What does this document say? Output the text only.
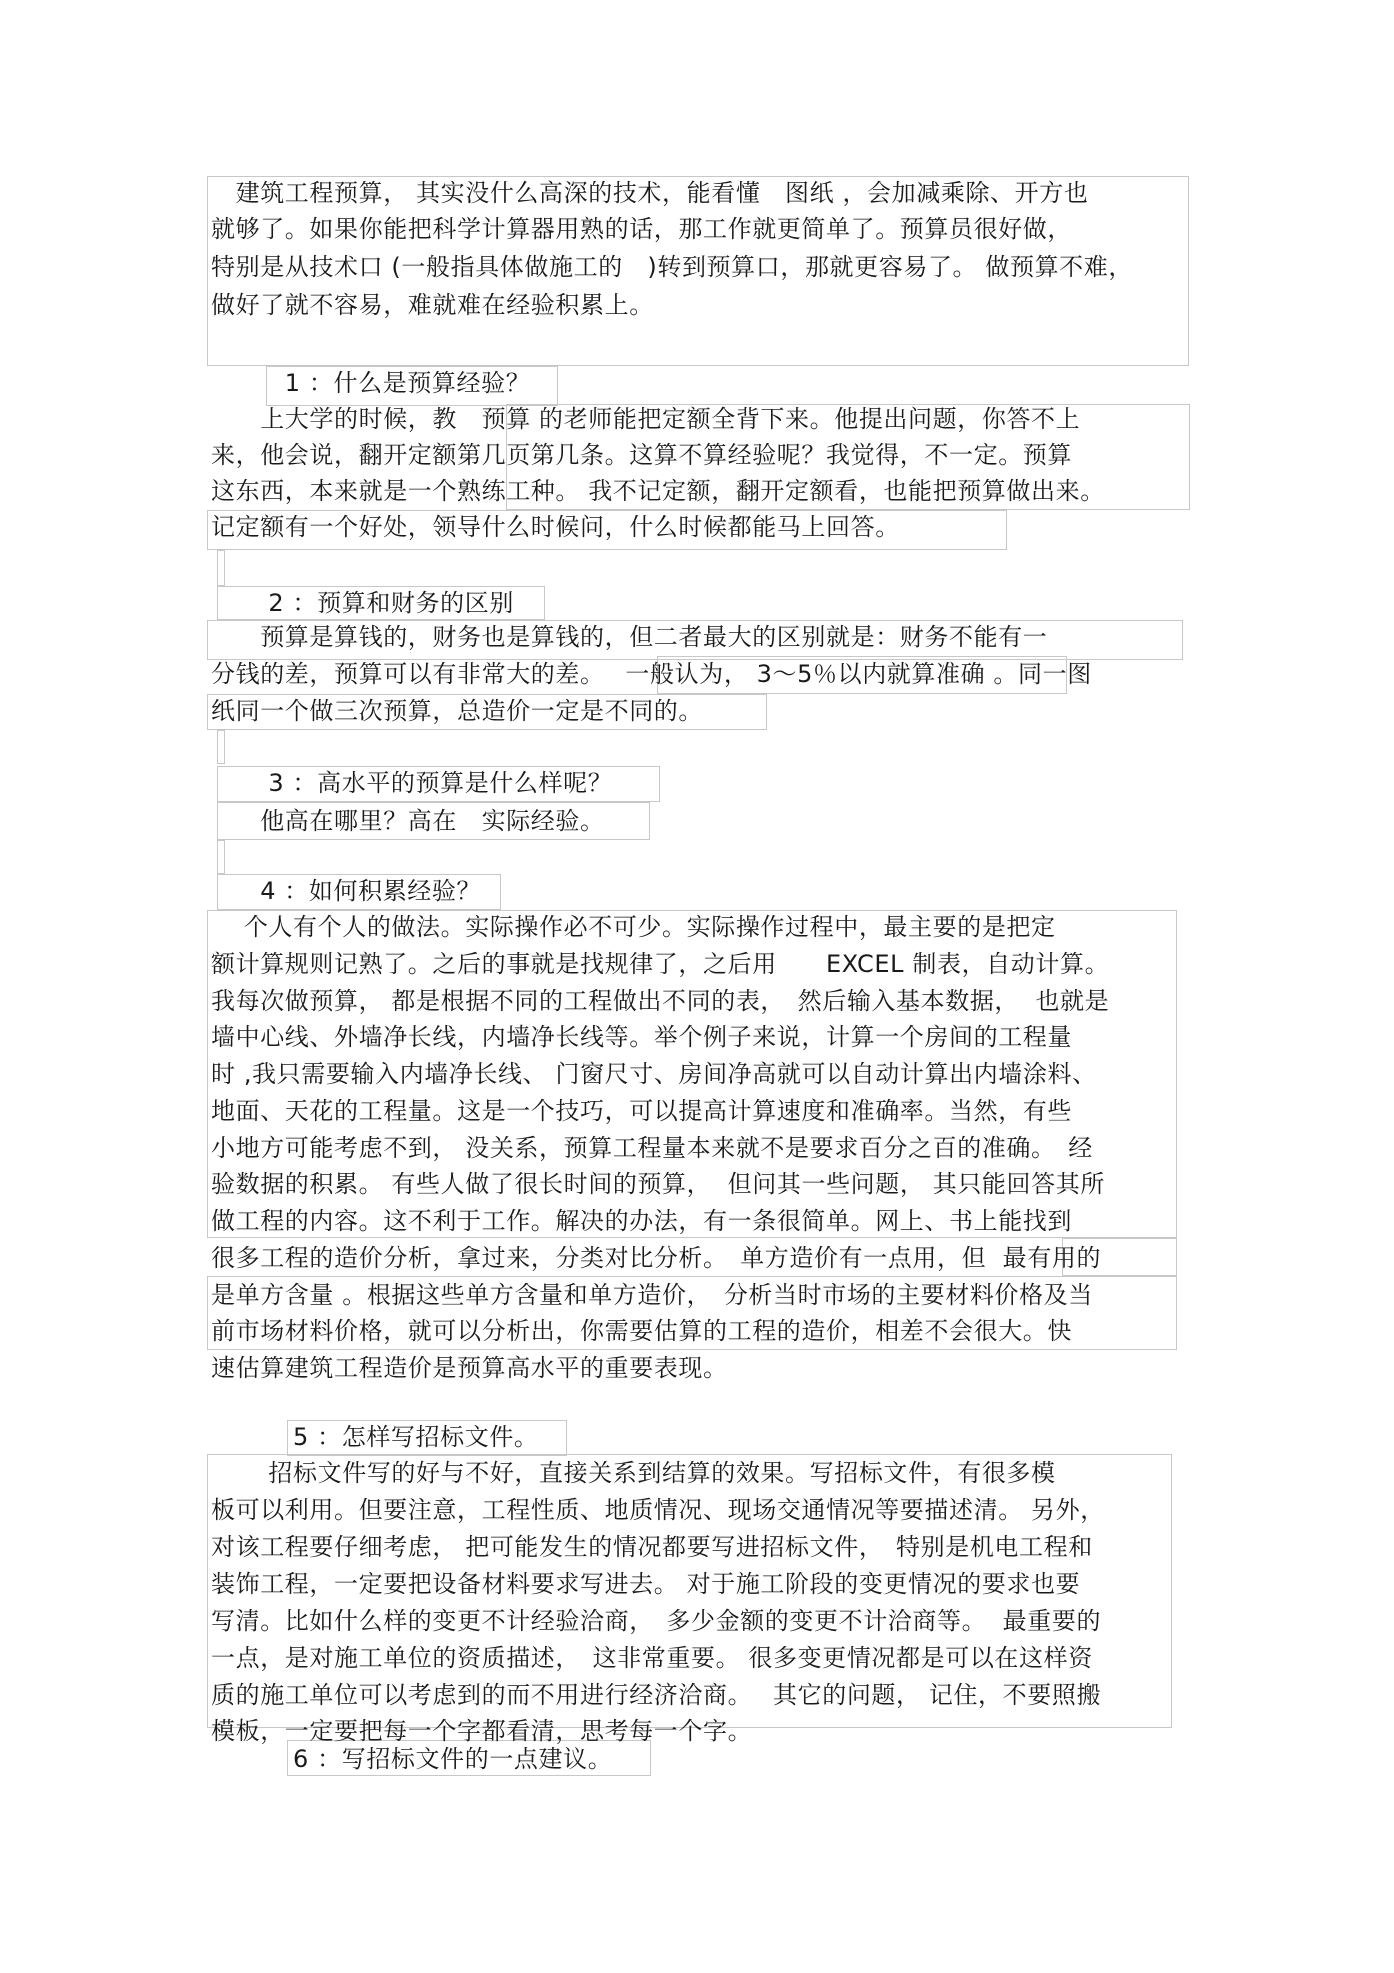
　建筑工程预算， 其实没什么高深的技术，能看懂　图纸 ，会加减乘除、开方也
就够了。如果你能把科学计算器用熟的话，那工作就更简单了。预算员很好做，
特别是从技术口 (一般指具体做施工的　)转到预算口，那就更容易了。 做预算不难，
做好了就不容易，难就难在经验积累上。
　　　1 ：什么是预算经验？
　　上大学的时候，教　预算 的老师能把定额全背下来。他提出问题，你答不上
来，他会说，翻开定额第几页第几条。这算不算经验呢？我觉得，不一定。预算
这东西，本来就是一个熟练工种。 我不记定额，翻开定额看，也能把预算做出来。
记定额有一个好处，领导什么时候问，什么时候都能马上回答。
　　 2 ：预算和财务的区别
　　预算是算钱的，财务也是算钱的，但二者最大的区别就是：财务不能有一
分钱的差，预算可以有非常大的差。　 一般认为， 3～5％以内就算准确 。同一图
纸同一个做三次预算，总造价一定是不同的。
　　 3 ：高水平的预算是什么样呢？
　　他高在哪里？高在　实际经验。
　　4 ：如何积累经验？
　 个人有个人的做法。实际操作必不可少。实际操作过程中，最主要的是把定
额计算规则记熟了。之后的事就是找规律了，之后用　　EXCEL 制表，自动计算。
我每次做预算， 都是根据不同的工程做出不同的表，　然后输入基本数据，  也就是
墙中心线、外墙净长线，内墙净长线等。举个例子来说，计算一个房间的工程量
时 ,我只需要输入内墙净长线、 门窗尺寸、房间净高就可以自动计算出内墙涂料、
地面、天花的工程量。这是一个技巧，可以提高计算速度和准确率。当然，有些
小地方可能考虑不到， 没关系，预算工程量本来就不是要求百分之百的准确。　经
验数据的积累。 有些人做了很长时间的预算，  但问其一些问题， 其只能回答其所
做工程的内容。这不利于工作。解决的办法，有一条很简单。网上、书上能找到
很多工程的造价分析，拿过来，分类对比分析。　单方造价有一点用，但  最有用的
是单方含量 。根据这些单方含量和单方造价，　分析当时市场的主要材料价格及当
前市场材料价格，就可以分析出，你需要估算的工程的造价，相差不会很大。快
速估算建筑工程造价是预算高水平的重要表现。
　　　 5 ：怎样写招标文件。
　　 招标文件写的好与不好，直接关系到结算的效果。写招标文件，有很多模
板可以利用。但要注意，工程性质、地质情况、现场交通情况等要描述清。 另外，
对该工程要仔细考虑， 把可能发生的情况都要写进招标文件，　特别是机电工程和
装饰工程，一定要把设备材料要求写进去。 对于施工阶段的变更情况的要求也要
写清。比如什么样的变更不计经验洽商，　多少金额的变更不计洽商等。  最重要的
一点，是对施工单位的资质描述，　这非常重要。 很多变更情况都是可以在这样资
质的施工单位可以考虑到的而不用进行经济洽商。　 其它的问题， 记住，不要照搬
模板，一定要把每一个字都看清，思考每一个字。
　　　 6 ：写招标文件的一点建议。
